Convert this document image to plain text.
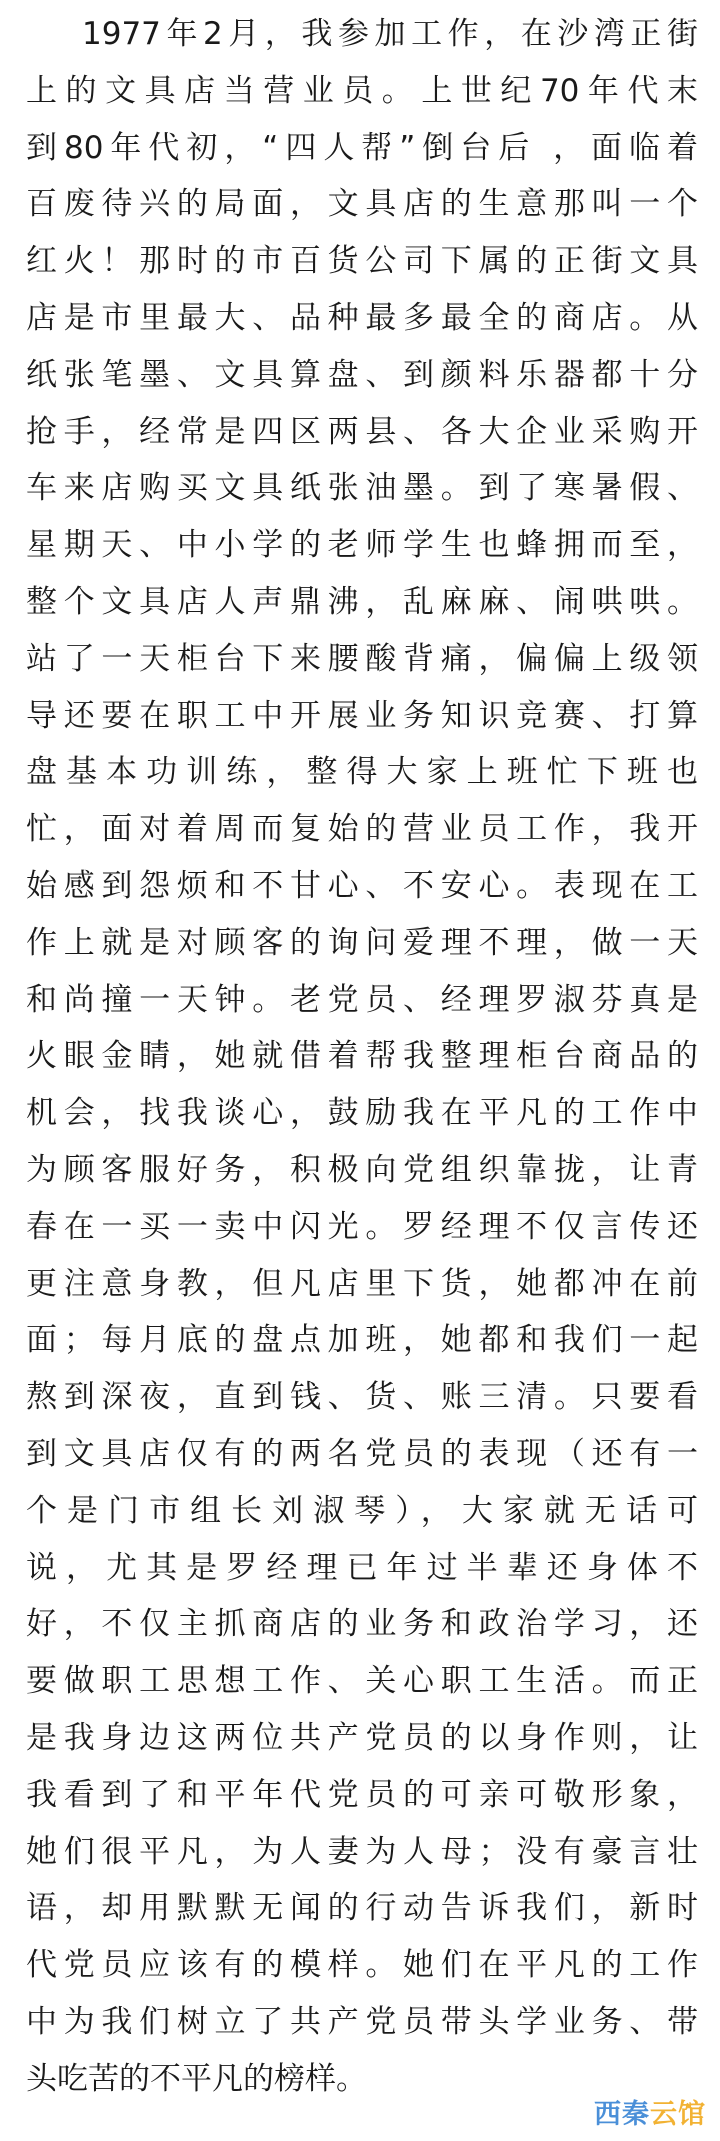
1977年2月，我参加工作，在沙湾正街
上的文具店当营业员。上世纪70年代末
到80年代初，“四人帮”倒台后 ，面临着
百废待兴的局面，文具店的生意那叫一个
红火！那时的市百货公司下属的正街文具
店是市里最大、品种最多最全的商店。从
纸张笔墨、文具算盘、到颜料乐器都十分
抢手，经常是四区两县、各大企业采购开
车来店购买文具纸张油墨。到了寒暑假、
星期天、中小学的老师学生也蜂拥而至，
整个文具店人声鼎沸，乱麻麻、闹哄哄。
站了一天柜台下来腰酸背痛，偏偏上级领
导还要在职工中开展业务知识竞赛、打算
盘基本功训练，整得大家上班忙下班也
忙，面对着周而复始的营业员工作，我开
始感到怨烦和不甘心、不安心。表现在工
作上就是对顾客的询问爱理不理，做一天
和尚撞一天钟。老党员、经理罗淑芬真是
火眼金睛，她就借着帮我整理柜台商品的
机会，找我谈心，鼓励我在平凡的工作中
为顾客服好务，积极向党组织靠拢，让青
春在一买一卖中闪光。罗经理不仅言传还
更注意身教，但凡店里下货，她都冲在前
面；每月底的盘点加班，她都和我们一起
熬到深夜，直到钱、货、账三清。只要看
到文具店仅有的两名党员的表现（还有一
个是门市组长刘淑琴），大家就无话可
说，尤其是罗经理已年过半辈还身体不
好，不仅主抓商店的业务和政治学习，还
要做职工思想工作、关心职工生活。而正
是我身边这两位共产党员的以身作则，让
我看到了和平年代党员的可亲可敬形象，
她们很平凡，为人妻为人母；没有豪言壮
语，却用默默无闻的行动告诉我们，新时
代党员应该有的模样。她们在平凡的工作
中为我们树立了共产党员带头学业务、带
头吃苦的不平凡的榜样。
西秦 云馆
